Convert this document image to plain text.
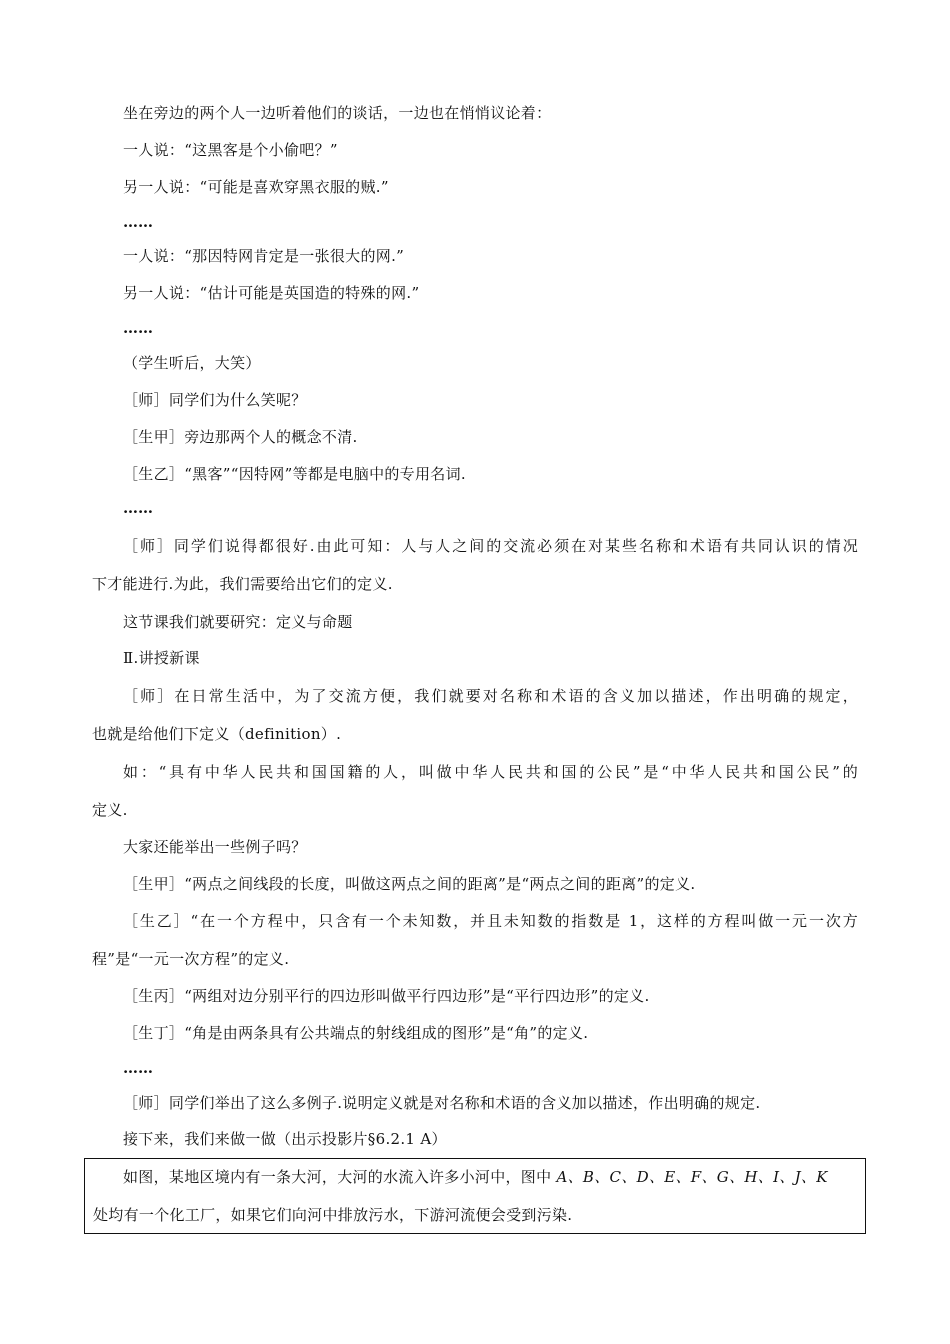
坐在旁边的两个人一边听着他们的谈话，一边也在悄悄议论着：
一人说：“这黑客是个小偷吧？”
另一人说：“可能是喜欢穿黑衣服的贼.”
……
一人说：“那因特网肯定是一张很大的网.”
另一人说：“估计可能是英国造的特殊的网.”
……
（学生听后，大笑）
［师］同学们为什么笑呢？
［生甲］旁边那两个人的概念不清.
［生乙］“黑客”“因特网”等都是电脑中的专用名词.
……
［师］同学们说得都很好.由此可知：人与人之间的交流必须在对某些名称和术语有共同认识的情况
下才能进行.为此，我们需要给出它们的定义.
这节课我们就要研究：定义与命题
Ⅱ.讲授新课
［师］在日常生活中，为了交流方便，我们就要对名称和术语的含义加以描述，作出明确的规定，
也就是给他们下定义（definition）.
如：“具有中华人民共和国国籍的人，叫做中华人民共和国的公民”是“中华人民共和国公民”的
定义.
大家还能举出一些例子吗？
［生甲］“两点之间线段的长度，叫做这两点之间的距离”是“两点之间的距离”的定义.
［生乙］“在一个方程中，只含有一个未知数，并且未知数的指数是 1，这样的方程叫做一元一次方
程”是“一元一次方程”的定义.
［生丙］“两组对边分别平行的四边形叫做平行四边形”是“平行四边形”的定义.
［生丁］“角是由两条具有公共端点的射线组成的图形”是“角”的定义.
……
［师］同学们举出了这么多例子.说明定义就是对名称和术语的含义加以描述，作出明确的规定.
接下来，我们来做一做（出示投影片§6.2.1 A）
如图，某地区境内有一条大河，大河的水流入许多小河中，图中 A、B、C、D、E、F、G、H、I、J、K
处均有一个化工厂，如果它们向河中排放污水，下游河流便会受到污染.
